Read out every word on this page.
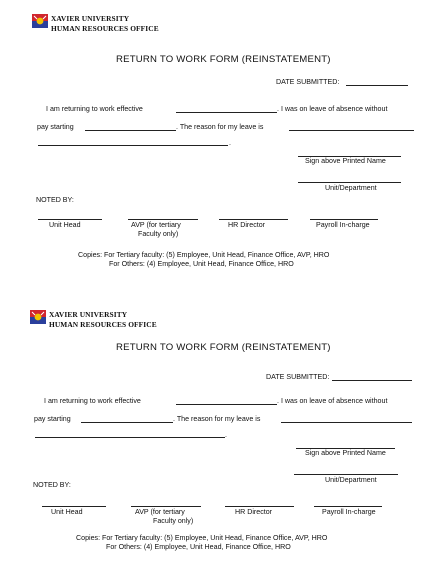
XAVIER UNIVERSITY
HUMAN RESOURCES OFFICE
RETURN TO WORK FORM (REINSTATEMENT)
DATE SUBMITTED:
I am returning to work effective	. I was on leave of absence without
pay starting	. The reason for my leave is
.
Sign above Printed Name
Unit/Department
NOTED BY:
Unit Head	AVP (for tertiary
Faculty only)
HR Director	Payroll In-charge
Copies: For Tertiary faculty: (5) Employee, Unit Head, Finance Office, AVP, HRO
For Others: (4) Employee, Unit Head, Finance Office, HRO
XAVIER UNIVERSITY
HUMAN RESOURCES OFFICE
RETURN TO WORK FORM (REINSTATEMENT)
DATE SUBMITTED:
I am returning to work effective	. I was on leave of absence without
pay starting	. The reason for my leave is
.
Sign above Printed Name
Unit/Department
NOTED BY:
Unit Head	AVP (for tertiary
Faculty only)
HR Director	Payroll In-charge
Copies: For Tertiary faculty: (5) Employee, Unit Head, Finance Office, AVP, HRO
For Others: (4) Employee, Unit Head, Finance Office, HRO
